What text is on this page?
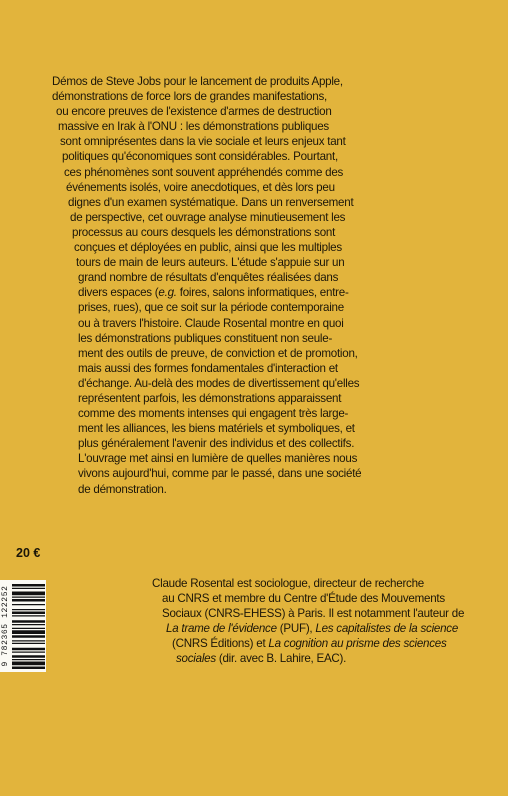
Démos de Steve Jobs pour le lancement de produits Apple,
démonstrations de force lors de grandes manifestations,
ou encore preuves de l'existence d'armes de destruction
massive en Irak à l'ONU : les démonstrations publiques
sont omniprésentes dans la vie sociale et leurs enjeux tant
politiques qu'économiques sont considérables. Pourtant,
ces phénomènes sont souvent appréhendés comme des
événements isolés, voire anecdotiques, et dès lors peu
dignes d'un examen systématique. Dans un renversement
de perspective, cet ouvrage analyse minutieusement les
processus au cours desquels les démonstrations sont
conçues et déployées en public, ainsi que les multiples
tours de main de leurs auteurs. L'étude s'appuie sur un
grand nombre de résultats d'enquêtes réalisées dans
divers espaces (e.g. foires, salons informatiques, entre-
prises, rues), que ce soit sur la période contemporaine
ou à travers l'histoire. Claude Rosental montre en quoi
les démonstrations publiques constituent non seule-
ment des outils de preuve, de conviction et de promotion,
mais aussi des formes fondamentales d'interaction et
d'échange. Au-delà des modes de divertissement qu'elles
représentent parfois, les démonstrations apparaissent
comme des moments intenses qui engagent très large-
ment les alliances, les biens matériels et symboliques, et
plus généralement l'avenir des individus et des collectifs.
L'ouvrage met ainsi en lumière de quelles manières nous
vivons aujourd'hui, comme par le passé, dans une société
de démonstration.

9 782365 122252

20 €

Claude Rosental est sociologue, directeur de recherche
au CNRS et membre du Centre d'Étude des Mouvements
Sociaux (CNRS-EHESS) à Paris. Il est notamment l'auteur de
La trame de l'évidence (PUF), Les capitalistes de la science
(CNRS Éditions) et La cognition au prisme des sciences
sociales (dir. avec B. Lahire, EAC).
